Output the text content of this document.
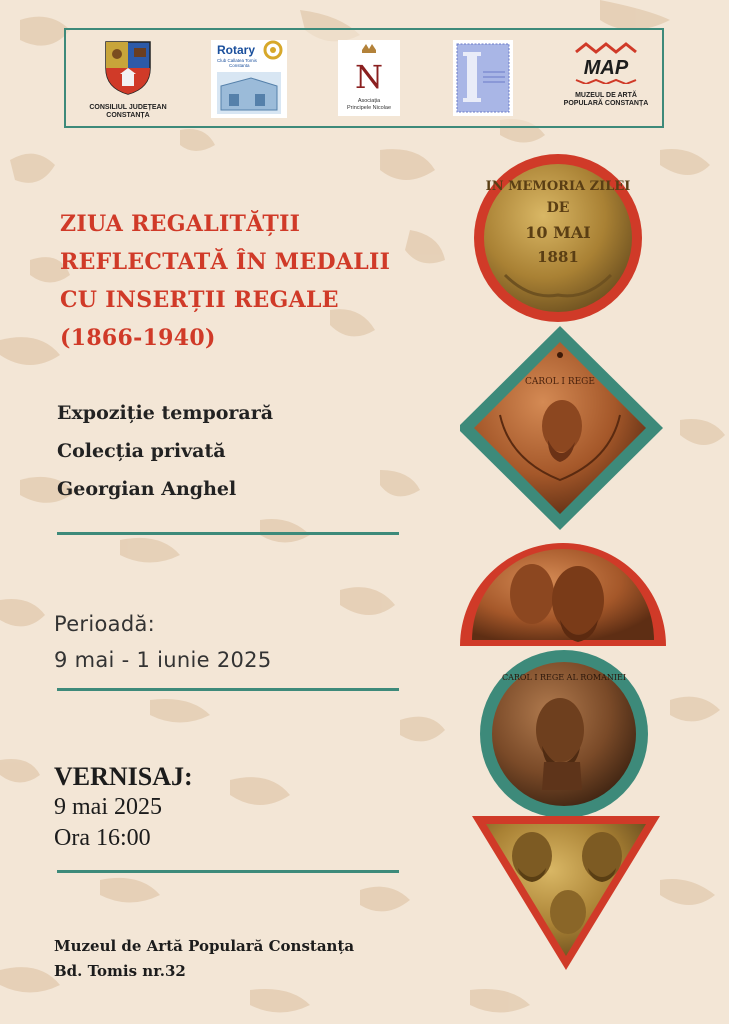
CONSILIUL JUDEȚEAN
CONSTANȚA
Rotary
Club Callatea Tomis
Constanta	N
Asociația
Principele Nicolae
MAP
MUZEUL DE ARTĂ
POPULARĂ CONSTANȚA
ZIUA REGALITĂȚII
REFLECTATĂ ÎN MEDALII
CU INSERȚII REGALE
(1866-1940)
Expoziție temporară
Colecția privată
Georgian Anghel
Perioadă:
9 mai - 1 iunie 2025
VERNISAJ:
9 mai 2025
Ora 16:00
Muzeul de Artă Populară Constanța
Bd. Tomis nr.32
IN MEMORIA ZILEI
DE
10 MAI
1881
CAROL I REGE
CAROL I REGE AL ROMANIEI
